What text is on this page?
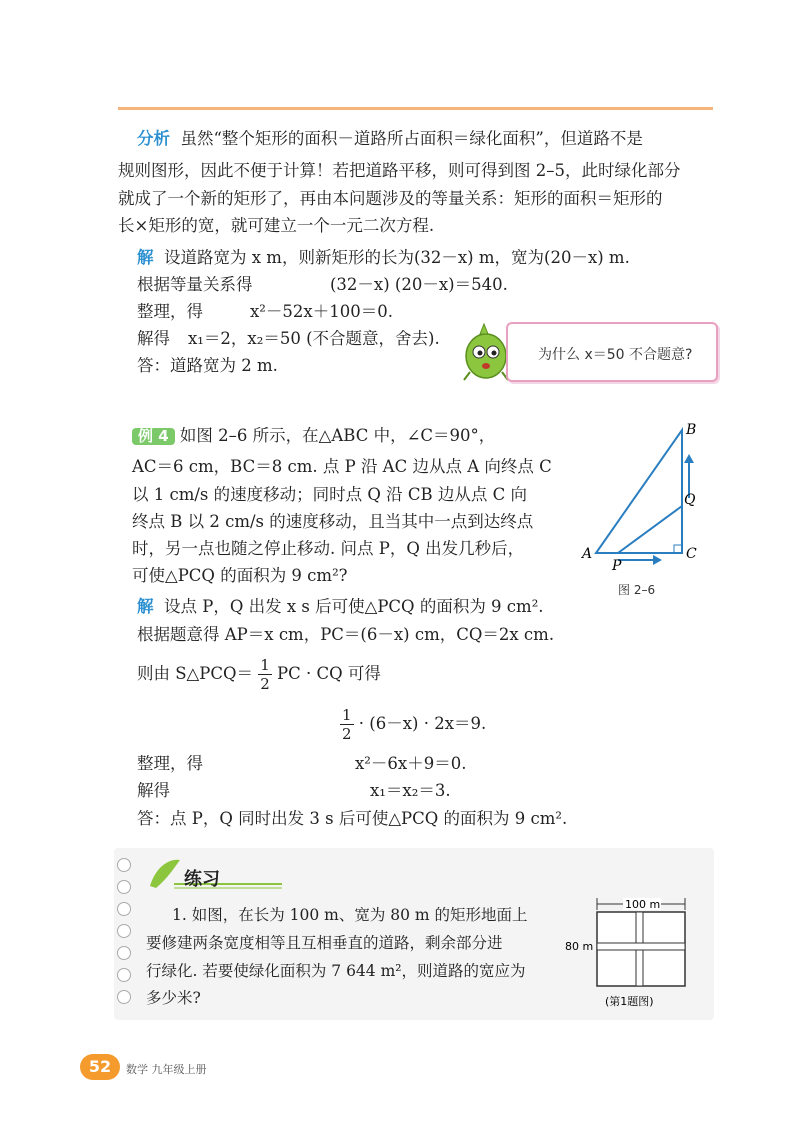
分析 虽然“整个矩形的面积－道路所占面积＝绿化面积”，但道路不是
规则图形，因此不便于计算！若把道路平移，则可得到图 2–5，此时绿化部分
就成了一个新的矩形了，再由本问题涉及的等量关系：矩形的面积＝矩形的
长×矩形的宽，就可建立一个一元二次方程.
解 设道路宽为 x m，则新矩形的长为(32－x) m，宽为(20－x) m.
根据等量关系得	(32－x) (20－x)＝540.
整理，得	x²－52x＋100＝0.
解得 x₁＝2，x₂＝50 (不合题意，舍去).
答：道路宽为 2 m.
为什么 x＝50 不合题意?
例 4 如图 2–6 所示，在△ABC 中，∠C＝90°，
AC＝6 cm，BC＝8 cm. 点 P 沿 AC 边从点 A 向终点 C
以 1 cm/s 的速度移动；同时点 Q 沿 CB 边从点 C 向
终点 B 以 2 cm/s 的速度移动，且当其中一点到达终点
时，另一点也随之停止移动. 问点 P，Q 出发几秒后，
可使△PCQ 的面积为 9 cm²?
A
B
C
P
Q
图 2–6
解 设点 P，Q 出发 x s 后可使△PCQ 的面积为 9 cm².
根据题意得 AP＝x cm，PC＝(6－x) cm，CQ＝2x cm.
则由 S△PCQ＝ $\frac{1}{2}$ PC · CQ 可得
$\frac{1}{2} \cdot (6-x) \cdot 2x=9$.
整理，得	x²－6x＋9＝0.
解得	x₁＝x₂＝3.
答：点 P，Q 同时出发 3 s 后可使△PCQ 的面积为 9 cm².
练习
1. 如图，在长为 100 m、宽为 80 m 的矩形地面上
要修建两条宽度相等且互相垂直的道路，剩余部分进
行绿化. 若要使绿化面积为 7 644 m²，则道路的宽应为
多少米?
100 m
80 m
(第1题图)
52	数学 九年级上册
